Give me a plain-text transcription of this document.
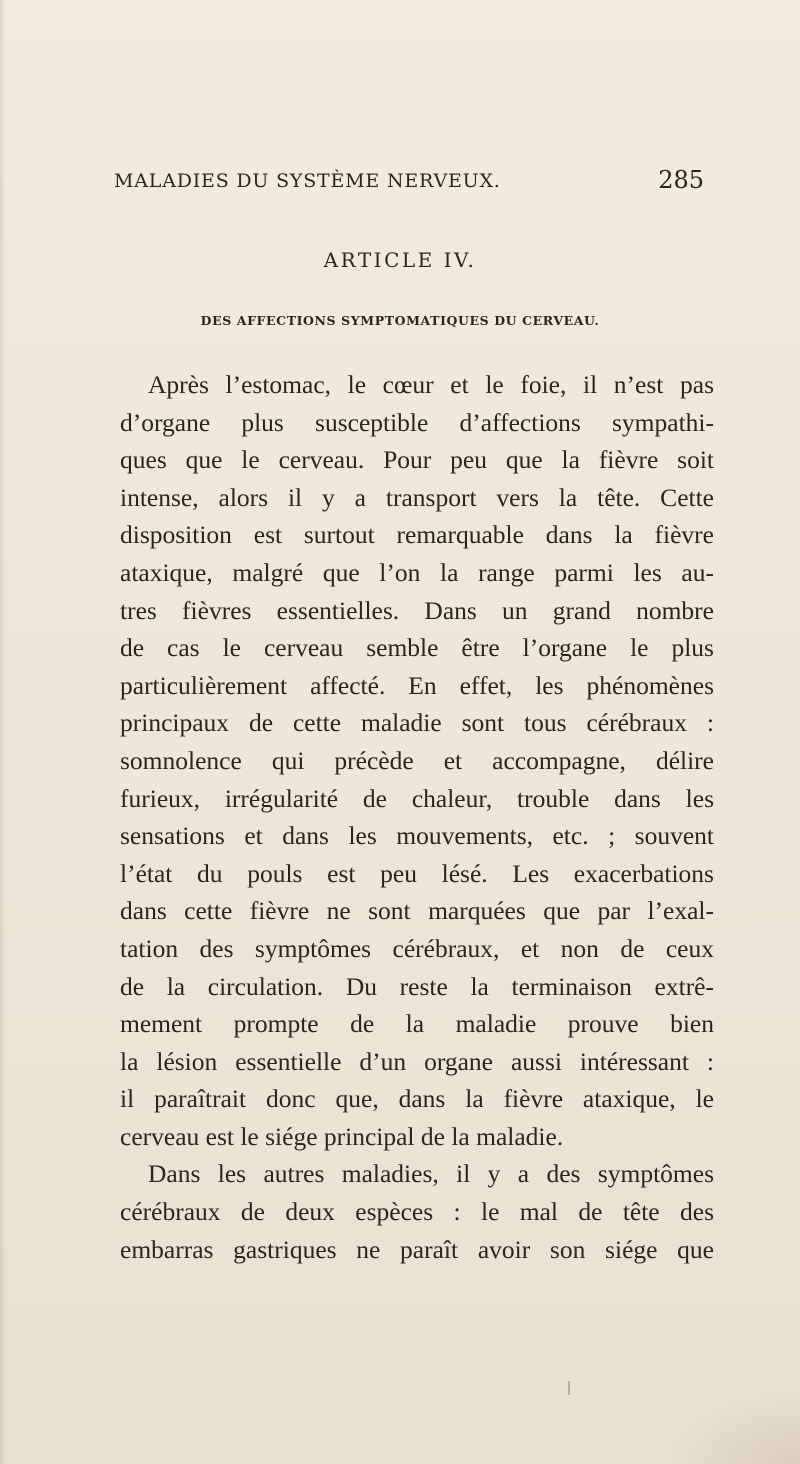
MALADIES DU SYSTÈME NERVEUX.	285
ARTICLE IV.
DES AFFECTIONS SYMPTOMATIQUES DU CERVEAU.
Après l’estomac, le cœur et le foie, il n’est pas
d’organe plus susceptible d’affections sympathi-
ques que le cerveau. Pour peu que la fièvre soit
intense, alors il y a transport vers la tête. Cette
disposition est surtout remarquable dans la fièvre
ataxique, malgré que l’on la range parmi les au-
tres fièvres essentielles. Dans un grand nombre
de cas le cerveau semble être l’organe le plus
particulièrement affecté. En effet, les phénomènes
principaux de cette maladie sont tous cérébraux :
somnolence qui précède et accompagne, délire
furieux, irrégularité de chaleur, trouble dans les
sensations et dans les mouvements, etc. ; souvent
l’état du pouls est peu lésé. Les exacerbations
dans cette fièvre ne sont marquées que par l’exal-
tation des symptômes cérébraux, et non de ceux
de la circulation. Du reste la terminaison extrê-
mement prompte de la maladie prouve bien
la lésion essentielle d’un organe aussi intéressant :
il paraîtrait donc que, dans la fièvre ataxique, le
cerveau est le siége principal de la maladie.
Dans les autres maladies, il y a des symptômes
cérébraux de deux espèces : le mal de tête des
embarras gastriques ne paraît avoir son siége que
